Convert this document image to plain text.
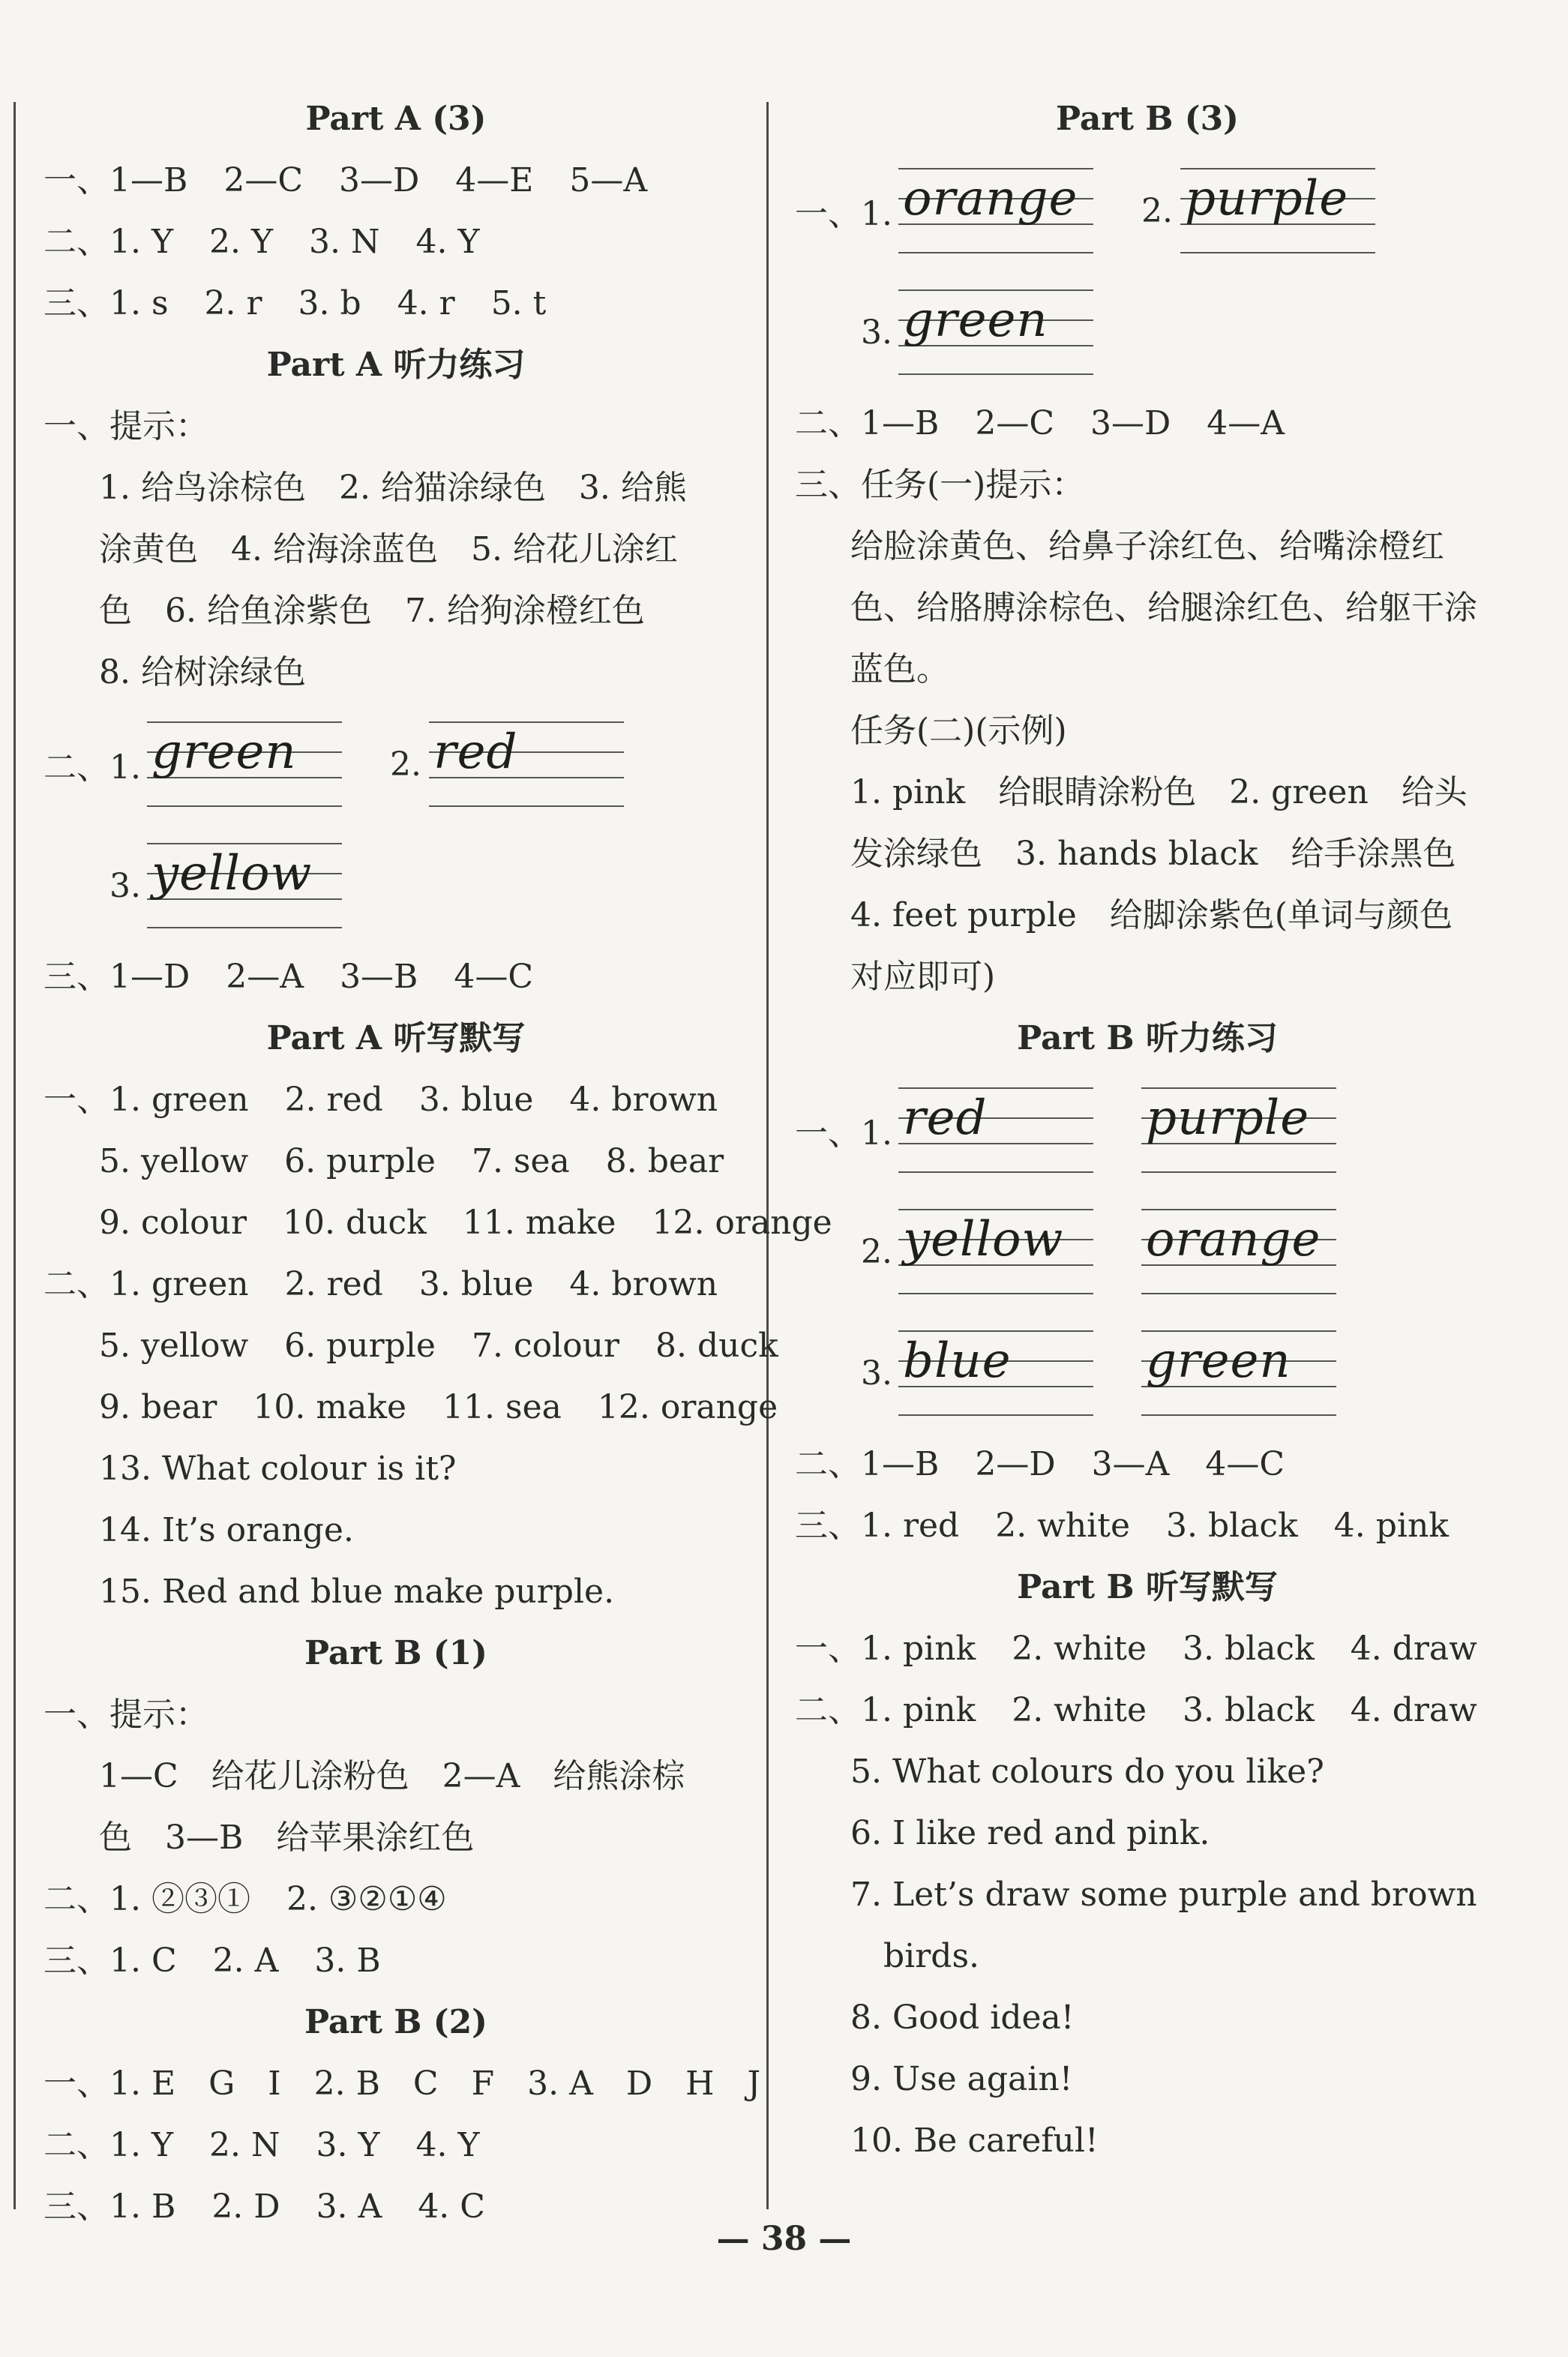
Part A (3)
一、1—B 2—C 3—D 4—E 5—A
二、1. Y 2. Y 3. N 4. Y
三、1. s 2. r 3. b 4. r 5. t
Part A 听力练习
一、提示：
1. 给鸟涂棕色　2. 给猫涂绿色　3. 给熊
涂黄色　4. 给海涂蓝色　5. 给花儿涂红
色　6. 给鱼涂紫色　7. 给狗涂橙红色
8. 给树涂绿色
二、1. green	2. red
3. yellow
三、1—D 2—A 3—B 4—C
Part A 听写默写
一、1. green 2. red 3. blue 4. brown
5. yellow 6. purple 7. sea 8. bear
9. colour 10. duck 11. make 12. orange
二、1. green 2. red 3. blue 4. brown
5. yellow 6. purple 7. colour 8. duck
9. bear 10. make 11. sea 12. orange
13. What colour is it?
14. It’s orange.
15. Red and blue make purple.
Part B (1)
一、提示：
1—C　给花儿涂粉色　2—A　给熊涂棕
色　3—B　给苹果涂红色
二、1. ②③① 2. ③②①④
三、1. C 2. A 3. B
Part B (2)
一、1. E　G　I　2. B　C　F　3. A　D　H　J
二、1. Y 2. N 3. Y 4. Y
三、1. B 2. D 3. A 4. C
Part B (3)
一、1. orange 2. purple
3. green
二、1—B 2—C 3—D 4—A
三、任务(一)提示：
给脸涂黄色、给鼻子涂红色、给嘴涂橙红
色、给胳膊涂棕色、给腿涂红色、给躯干涂
蓝色。
任务(二)(示例)
1. pink　给眼睛涂粉色　2. green　给头
发涂绿色　3. hands black　给手涂黑色
4. feet purple　给脚涂紫色(单词与颜色
对应即可)
Part B 听力练习
一、1. red	purple
2. yellow orange
3. blue	green
二、1—B 2—D 3—A 4—C
三、1. red 2. white 3. black 4. pink
Part B 听写默写
一、1. pink 2. white 3. black 4. draw
二、1. pink 2. white 3. black 4. draw
5. What colours do you like?
6. I like red and pink.
7. Let’s draw some purple and brown
birds.
8. Good idea!
9. Use again!
10. Be careful!
— 38 —
